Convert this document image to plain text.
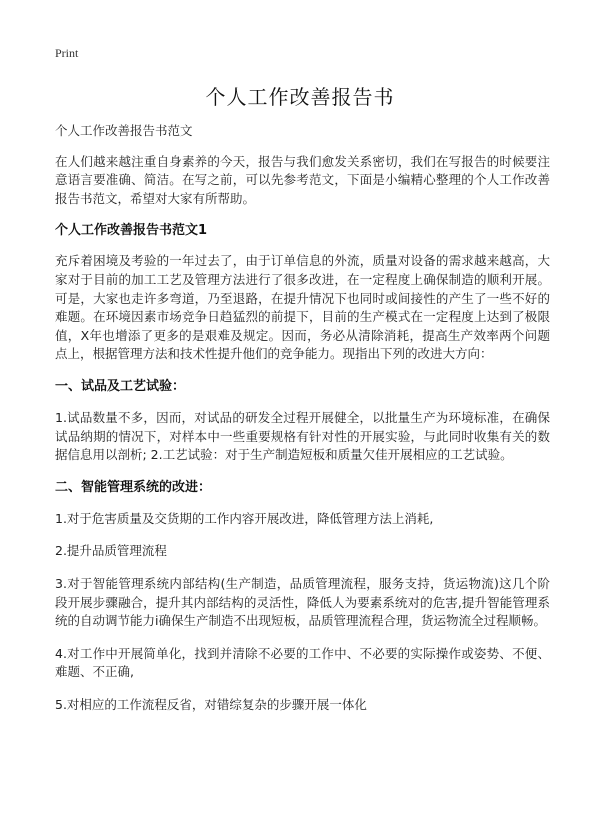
Print
个人工作改善报告书

个人工作改善报告书范文

在人们越来越注重自身素养的今天，报告与我们愈发关系密切，我们在写报告的时候要注意语言要准确、简洁。在写之前，可以先参考范文，下面是小编精心整理的个人工作改善报告书范文，希望对大家有所帮助。

个人工作改善报告书范文1

充斥着困境及考验的一年过去了，由于订单信息的外流，质量对设备的需求越来越高，大家对于目前的加工工艺及管理方法进行了很多改进，在一定程度上确保制造的顺利开展。可是，大家也走许多弯道，乃至退路，在提升情况下也同时或间接性的产生了一些不好的难题。在环境因素市场竞争日趋猛烈的前提下，目前的生产模式在一定程度上达到了极限值，X年也增添了更多的是艰难及规定。因而，务必从清除消耗，提高生产效率两个问题点上，根据管理方法和技术性提升他们的竞争能力。现指出下列的改进大方向：

一、试品及工艺试验：

1.试品数量不多，因而，对试品的研发全过程开展健全，以批量生产为环境标准，在确保试品纳期的情况下，对样本中一些重要规格有针对性的开展实验，与此同时收集有关的数据信息用以剖析; 2.工艺试验：对于生产制造短板和质量欠佳开展相应的工艺试验。

二、智能管理系统的改进：

1.对于危害质量及交货期的工作内容开展改进，降低管理方法上消耗,

2.提升品质管理流程

3.对于智能管理系统内部结构(生产制造，品质管理流程，服务支持，货运物流)这几个阶段开展步骤融合，提升其内部结构的灵活性，降低人为要素系统对的危害,提升智能管理系统的自动调节能力i确保生产制造不出现短板，品质管理流程合理，货运物流全过程顺畅。

4.对工作中开展简单化，找到并清除不必要的工作中、不必要的实际操作或姿势、不便、难题、不正确,

5.对相应的工作流程反省，对错综复杂的步骤开展一体化
